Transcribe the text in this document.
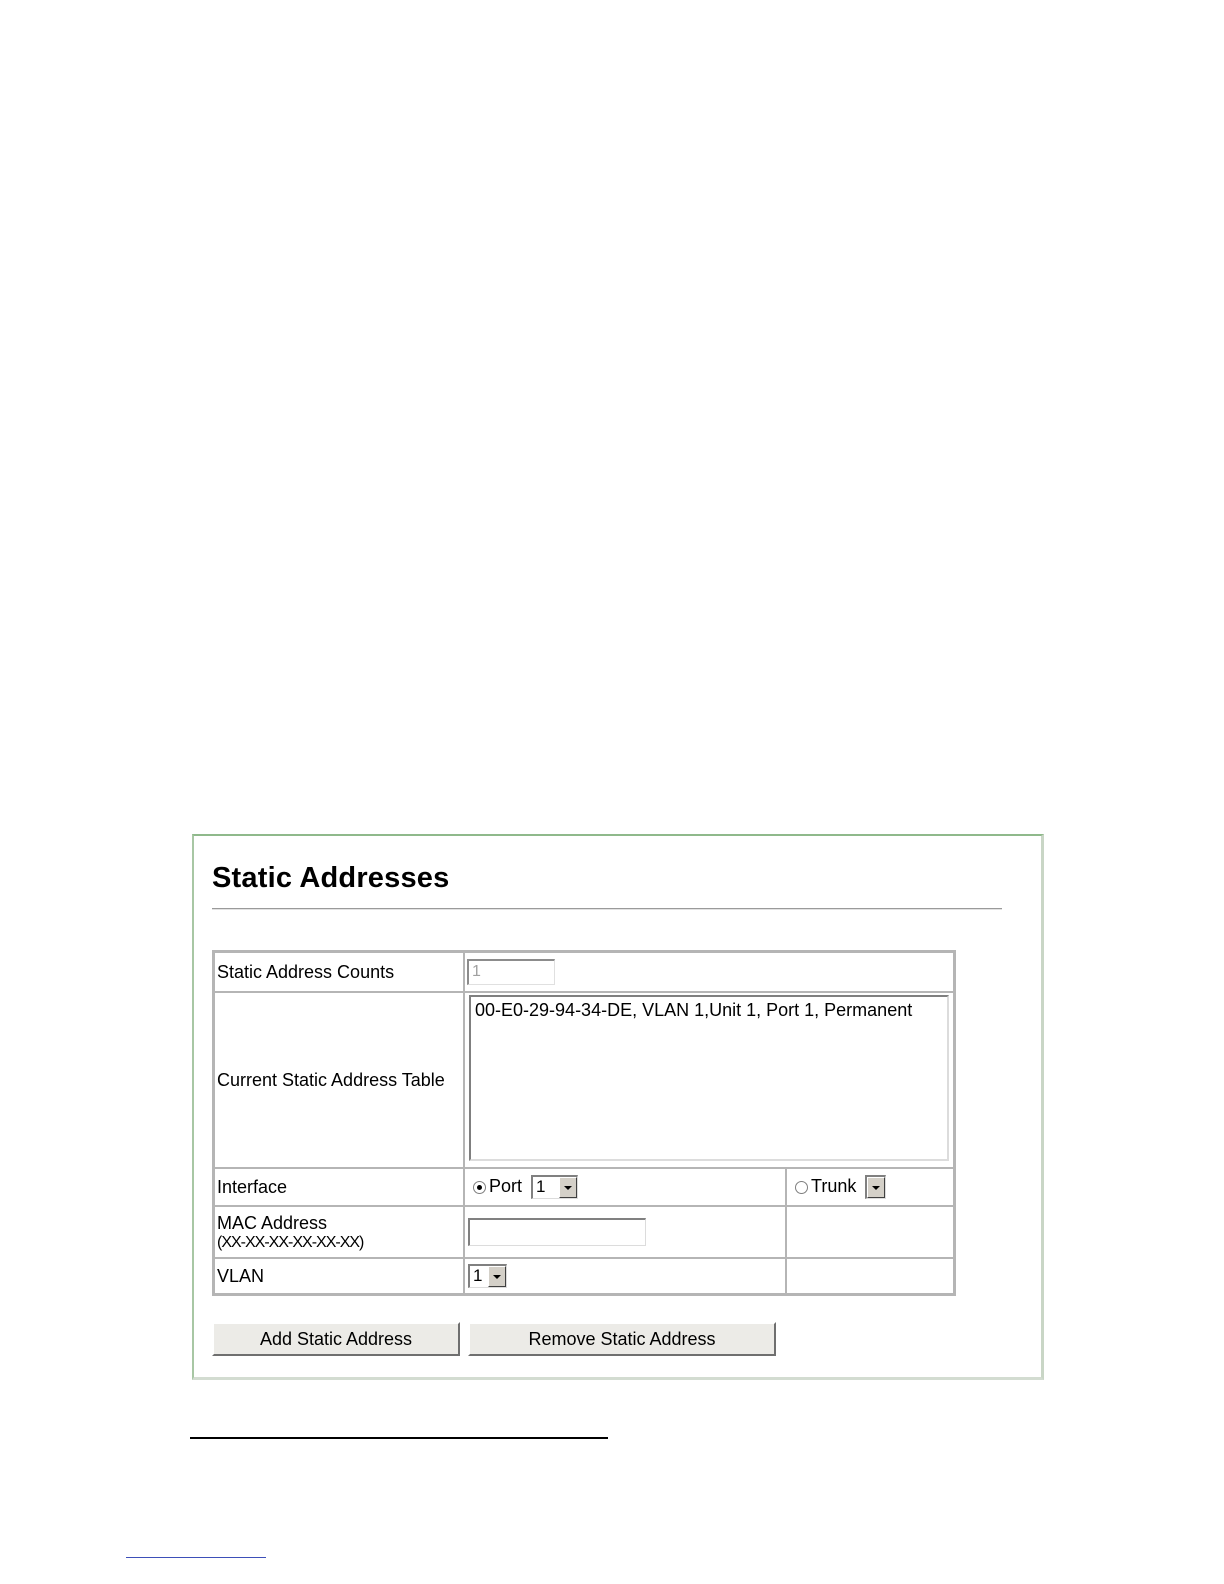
Static Addresses
Static Address Counts	1	
Current Static Address Table	00-E0-29-94-34-DE, VLAN 1,Unit 1, Port 1, Permanent	

Interface	Port 1	Trunk

MAC Address
(XX-XX-XX-XX-XX-XX)

VLAN	1	

Add Static Address	Remove Static Address
